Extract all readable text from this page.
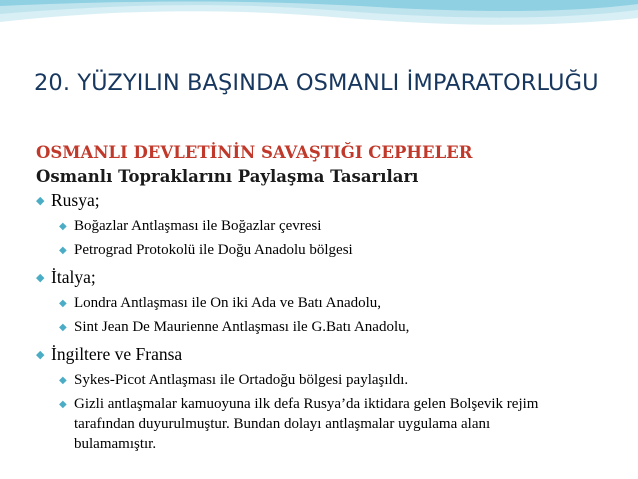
20. YÜZYILIN BAŞINDA OSMANLI İMPARATORLUĞU
OSMANLI DEVLETİNİN SAVAŞTIĞI CEPHELER
Osmanlı Topraklarını Paylaşma Tasarıları
◆ Rusya;
◆ Boğazlar Antlaşması ile Boğazlar çevresi
◆ Petrograd Protokolü ile Doğu Anadolu bölgesi
◆ İtalya;
◆ Londra Antlaşması ile On iki Ada ve Batı Anadolu,
◆ Sint Jean De Maurienne Antlaşması ile G.Batı Anadolu,
◆ İngiltere ve Fransa
◆ Sykes-Picot Antlaşması ile Ortadoğu bölgesi paylaşıldı.
◆ Gizli antlaşmalar kamuoyuna ilk defa Rusya’da iktidara gelen Bolşevik rejim tarafından duyurulmuştur. Bundan dolayı antlaşmalar uygulama alanı bulamamıştır.
